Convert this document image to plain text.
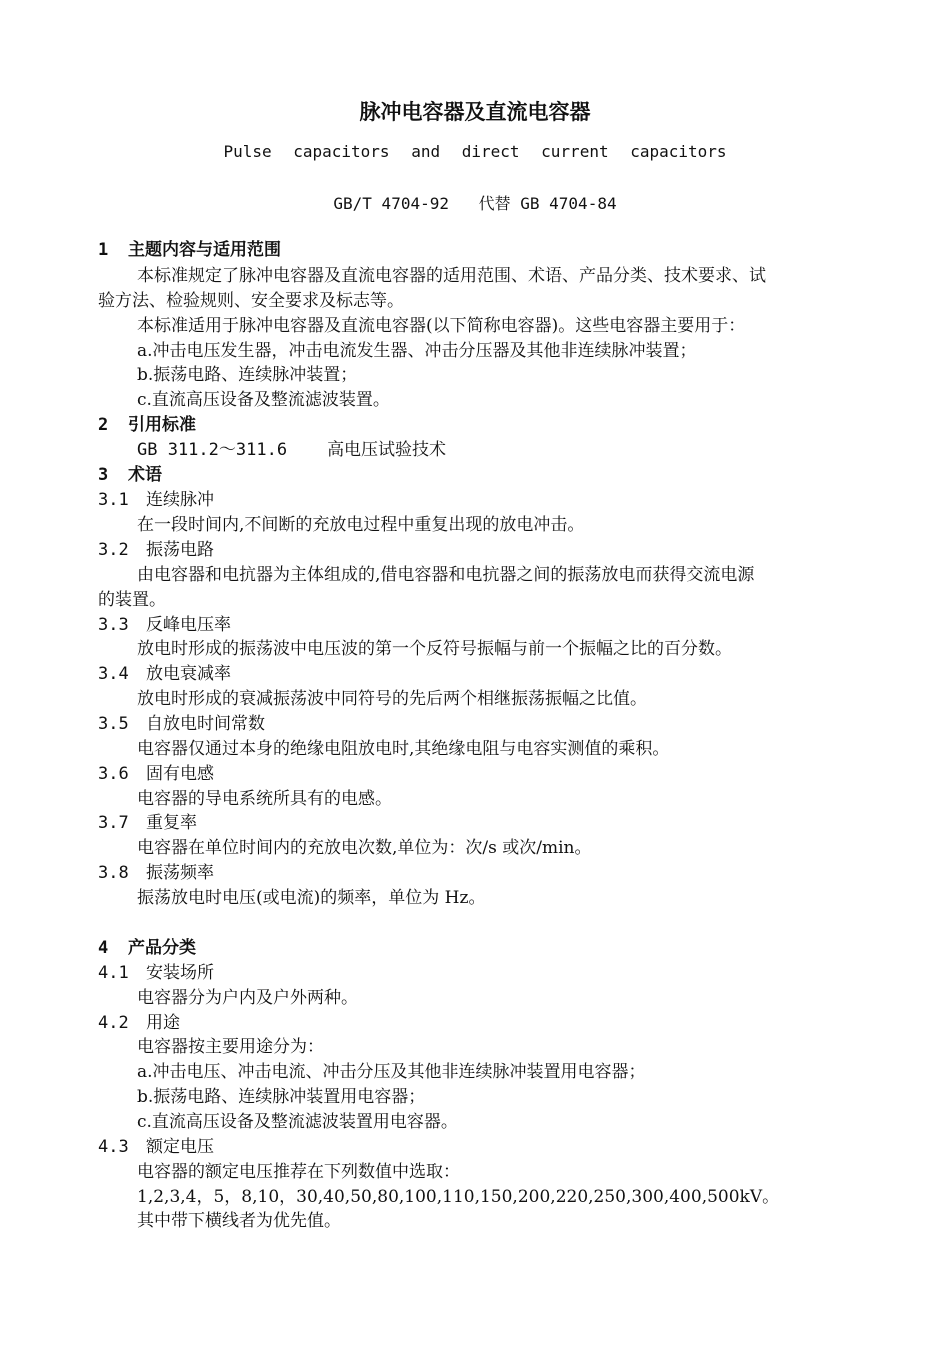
脉冲电容器及直流电容器
Pulse capacitors and direct current capacitors
GB/T 4704-92 代替 GB 4704-84
1 主题内容与适用范围
本标准规定了脉冲电容器及直流电容器的适用范围、术语、产品分类、技术要求、试
验方法、检验规则、安全要求及标志等。
本标准适用于脉冲电容器及直流电容器(以下简称电容器)。这些电容器主要用于：
a.冲击电压发生器，冲击电流发生器、冲击分压器及其他非连续脉冲装置；
b.振荡电路、连续脉冲装置；
c.直流高压设备及整流滤波装置。
2 引用标准
GB 311.2～311.6 高电压试验技术
3 术语
3.1 连续脉冲
在一段时间内,不间断的充放电过程中重复出现的放电冲击。
3.2 振荡电路
由电容器和电抗器为主体组成的,借电容器和电抗器之间的振荡放电而获得交流电源
的装置。
3.3 反峰电压率
放电时形成的振荡波中电压波的第一个反符号振幅与前一个振幅之比的百分数。
3.4 放电衰减率
放电时形成的衰减振荡波中同符号的先后两个相继振荡振幅之比值。
3.5 自放电时间常数
电容器仅通过本身的绝缘电阻放电时,其绝缘电阻与电容实测值的乘积。
3.6 固有电感
电容器的导电系统所具有的电感。
3.7 重复率
电容器在单位时间内的充放电次数,单位为：次/s 或次/min。
3.8 振荡频率
振荡放电时电压(或电流)的频率，单位为 Hz。
4 产品分类
4.1 安装场所
电容器分为户内及户外两种。
4.2 用途
电容器按主要用途分为：
a.冲击电压、冲击电流、冲击分压及其他非连续脉冲装置用电容器；
b.振荡电路、连续脉冲装置用电容器；
c.直流高压设备及整流滤波装置用电容器。
4.3 额定电压
电容器的额定电压推荐在下列数值中选取：
1,2,3,4，5，8,10，30,40,50,80,100,110,150,200,220,250,300,400,500kV。
其中带下横线者为优先值。
